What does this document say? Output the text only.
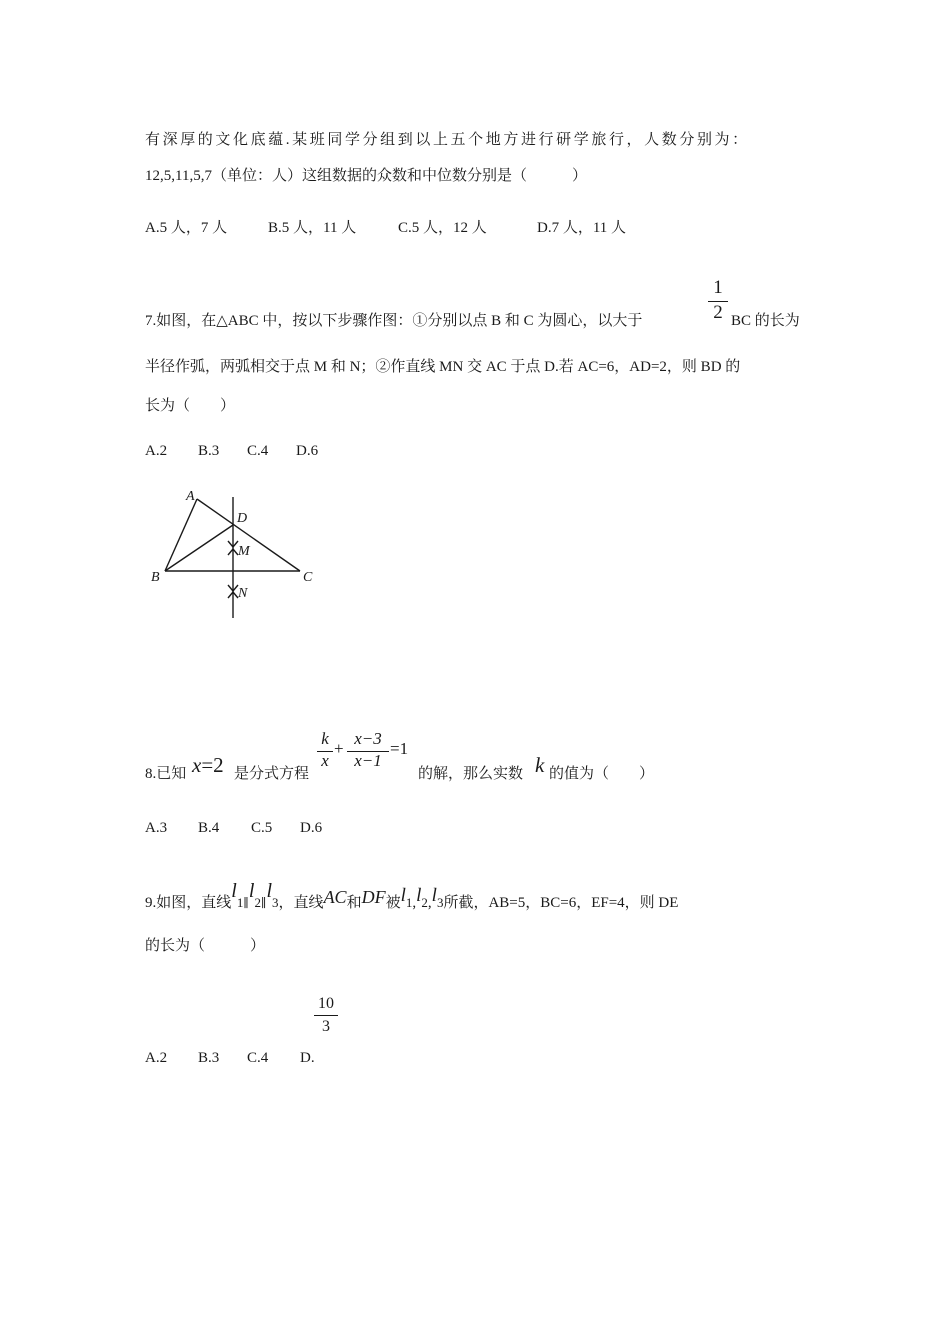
有深厚的文化底蕴.某班同学分组到以上五个地方进行研学旅行，人数分别为：
12,5,11,5,7（单位：人）这组数据的众数和中位数分别是（　　　）
A.5 人，7 人	B.5 人，11 人	C.5 人，12 人	D.7 人，11 人
7.如图，在△ABC 中，按以下步骤作图：①分别以点 B 和 C 为圆心，以大于
1
2 BC 的长为
半径作弧，两弧相交于点 M 和 N；②作直线 MN 交 AC 于点 D.若 AC=6，AD=2，则 BD 的
长为（　　）
A.2 B.3 C.4 D.6
A
B	C
D
M
N
8.已知 x=2 是分式方程
k
x
+
x−3
x−1
=1
的解，那么实数 k 的值为（　　）
A.3 B.4 C.5 D.6
9.如图，直线l1∥l2∥l3，直线AC和DF被l1,l2,l3所截，AB=5，BC=6，EF=4，则 DE
的长为（　　　）
10
3
A.2 B.3 C.4 D.
